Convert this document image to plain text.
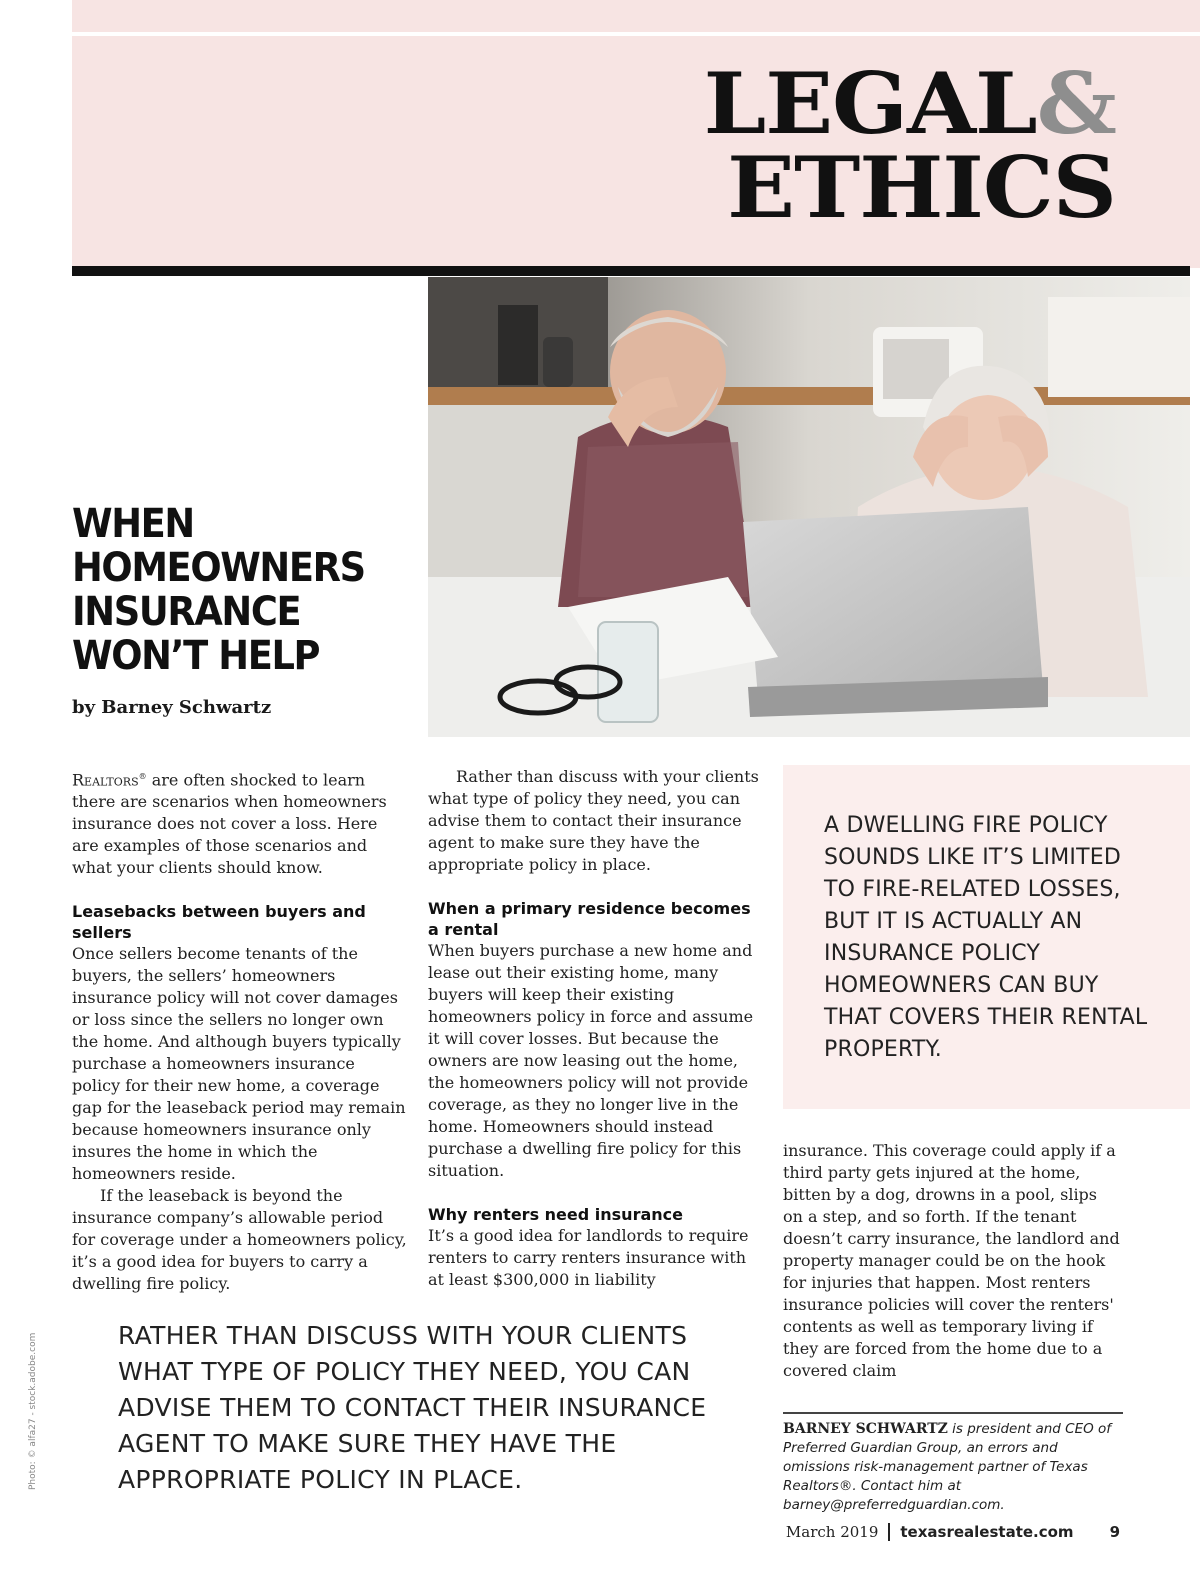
LEGAL&
ETHICS
WHEN HOMEOWNERS INSURANCE WON’T HELP
by Barney Schwartz

Realtors® are often shocked to learn there are scenarios when homeowners insurance does not cover a loss. Here are examples of those scenarios and what your clients should know.

Leasebacks between buyers and sellers

Once sellers become tenants of the buyers, the sellers’ homeowners insurance policy will not cover damages or loss since the sellers no longer own the home. And although buyers typically purchase a homeowners insurance policy for their new home, a coverage gap for the leaseback period may remain because homeowners insurance only insures the home in which the homeowners reside.

If the leaseback is beyond the insurance company’s allowable period for coverage under a homeowners policy, it’s a good idea for buyers to carry a dwelling fire policy.

Rather than discuss with your clients what type of policy they need, you can advise them to contact their insurance agent to make sure they have the appropriate policy in place.

When a primary residence becomes a rental

When buyers purchase a new home and lease out their existing home, many buyers will keep their existing homeowners policy in force and assume it will cover losses. But because the owners are now leasing out the home, the homeowners policy will not provide coverage, as they no longer live in the home. Homeowners should instead purchase a dwelling fire policy for this situation.

Why renters need insurance

It’s a good idea for landlords to require renters to carry renters insurance with at least $300,000 in liability

A DWELLING FIRE POLICY SOUNDS LIKE IT’S LIMITED TO FIRE-RELATED LOSSES, BUT IT IS ACTUALLY AN INSURANCE POLICY HOMEOWNERS CAN BUY THAT COVERS THEIR RENTAL PROPERTY.

insurance. This coverage could apply if a third party gets injured at the home, bitten by a dog, drowns in a pool, slips on a step, and so forth. If the tenant doesn’t carry insurance, the landlord and property manager could be on the hook for injuries that happen. Most renters insurance policies will cover the renters' contents as well as temporary living if they are forced from the home due to a covered claim

RATHER THAN DISCUSS WITH YOUR CLIENTS WHAT TYPE OF POLICY THEY NEED, YOU CAN ADVISE THEM TO CONTACT THEIR INSURANCE AGENT TO MAKE SURE THEY HAVE THE APPROPRIATE POLICY IN PLACE.
Photo: © alfa27 - stock.adobe.com	BARNEY SCHWARTZ is president and CEO of Preferred Guardian Group, an errors and omissions risk-management partner of Texas Realtors®. Contact him at barney@preferredguardian.com.
March 2019 texasrealestate.com 9
